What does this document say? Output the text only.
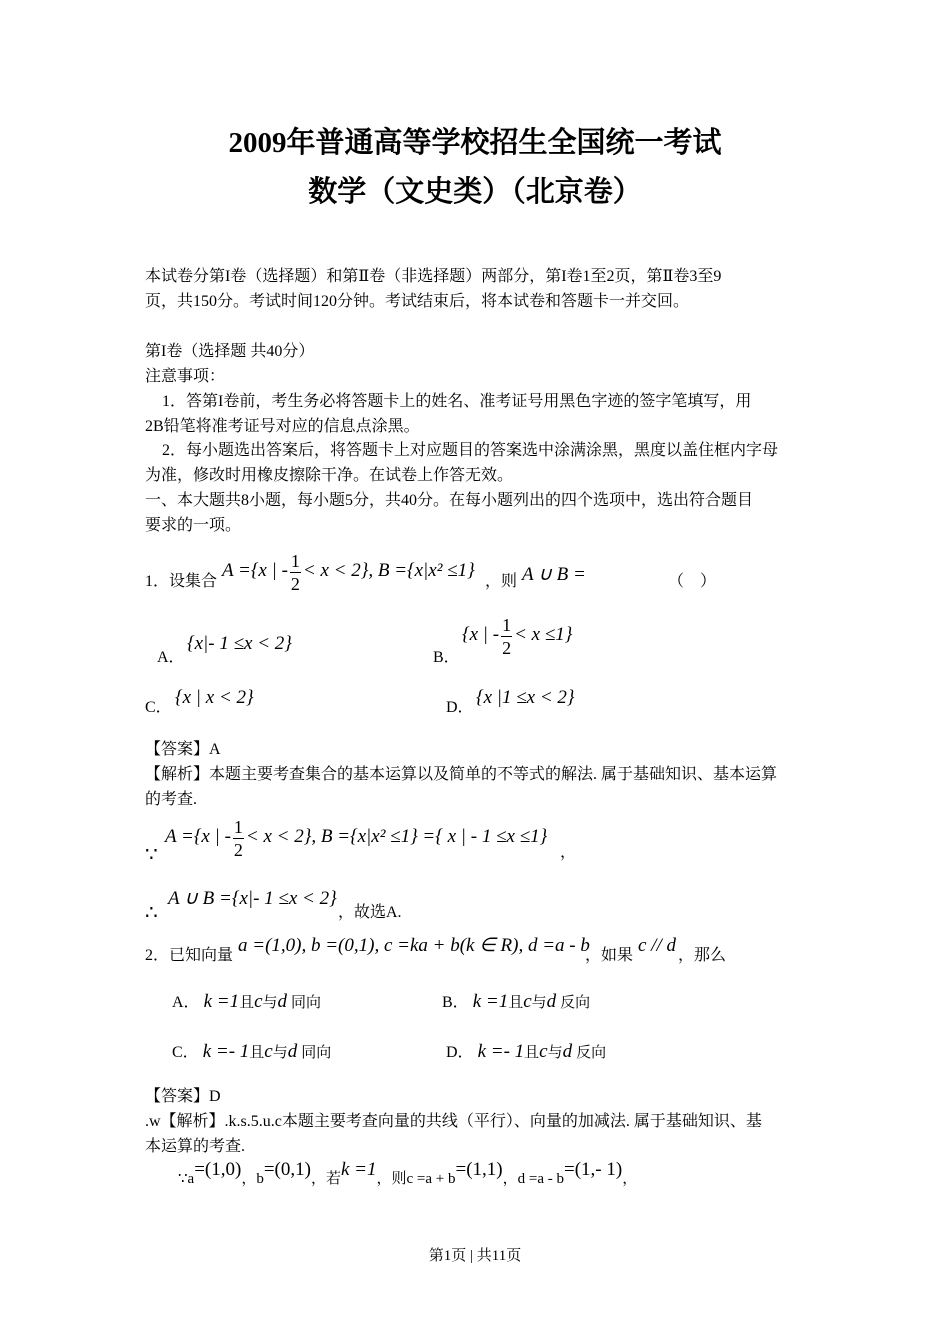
2009年普通高等学校招生全国统一考试
数学（文史类）（北京卷）
本试卷分第I卷（选择题）和第Ⅱ卷（非选择题）两部分，第I卷1至2页，第Ⅱ卷3至9
页，共150分。考试时间120分钟。考试结束后，将本试卷和答题卡一并交回。
第I卷（选择题 共40分）
注意事项：
1．答第I卷前，考生务必将答题卡上的姓名、准考证号用黑色字迹的签字笔填写，用
2B铅笔将准考证号对应的信息点涂黑。
2．每小题选出答案后，将答题卡上对应题目的答案选中涂满涂黑，黑度以盖住框内字母
为准，修改时用橡皮擦除干净。在试卷上作答无效。
一、本大题共8小题，每小题5分，共40分。在每小题列出的四个选项中，选出符合题目
要求的一项。
1．设集合
A ={x | - $\frac{1}{2} < x < 2$}, B ={x|x² ≤1}
，则 A ∪ B =	（　）
A．
{x|- 1 ≤x < 2}
B．
{x | - $\frac{1}{2} < x \le 1$}
C． {x | x < 2}	D． {x |1 ≤x < 2}
【答案】A
【解析】本题主要考查集合的基本运算以及简单的不等式的解法. 属于基础知识、基本运算
的考查.
∵
A ={x | - $\frac{1}{2} < x < 2$}, B ={x|x² ≤1} ={ x | - 1 ≤x ≤1}
，
∴
A ∪ B ={x|- 1 ≤x < 2}
，故选A.
2．已知向量 a =(1,0), b =(0,1), c =ka + b(k ∈ R), d =a - b
，如果 c // d ，那么
A． k =1且c与d 同向	B． k =1且c与d 反向
C． k =- 1且c与d 同向	D． k =- 1且c与d 反向
【答案】D
.w【解析】.k.s.5.u.c本题主要考查向量的共线（平行）、向量的加减法. 属于基础知识、基
本运算的考查.
∵a=(1,0)，b=(0,1)，若k =1，则c =a + b=(1,1)，d =a - b=(1,- 1)，
第1页 | 共11页
